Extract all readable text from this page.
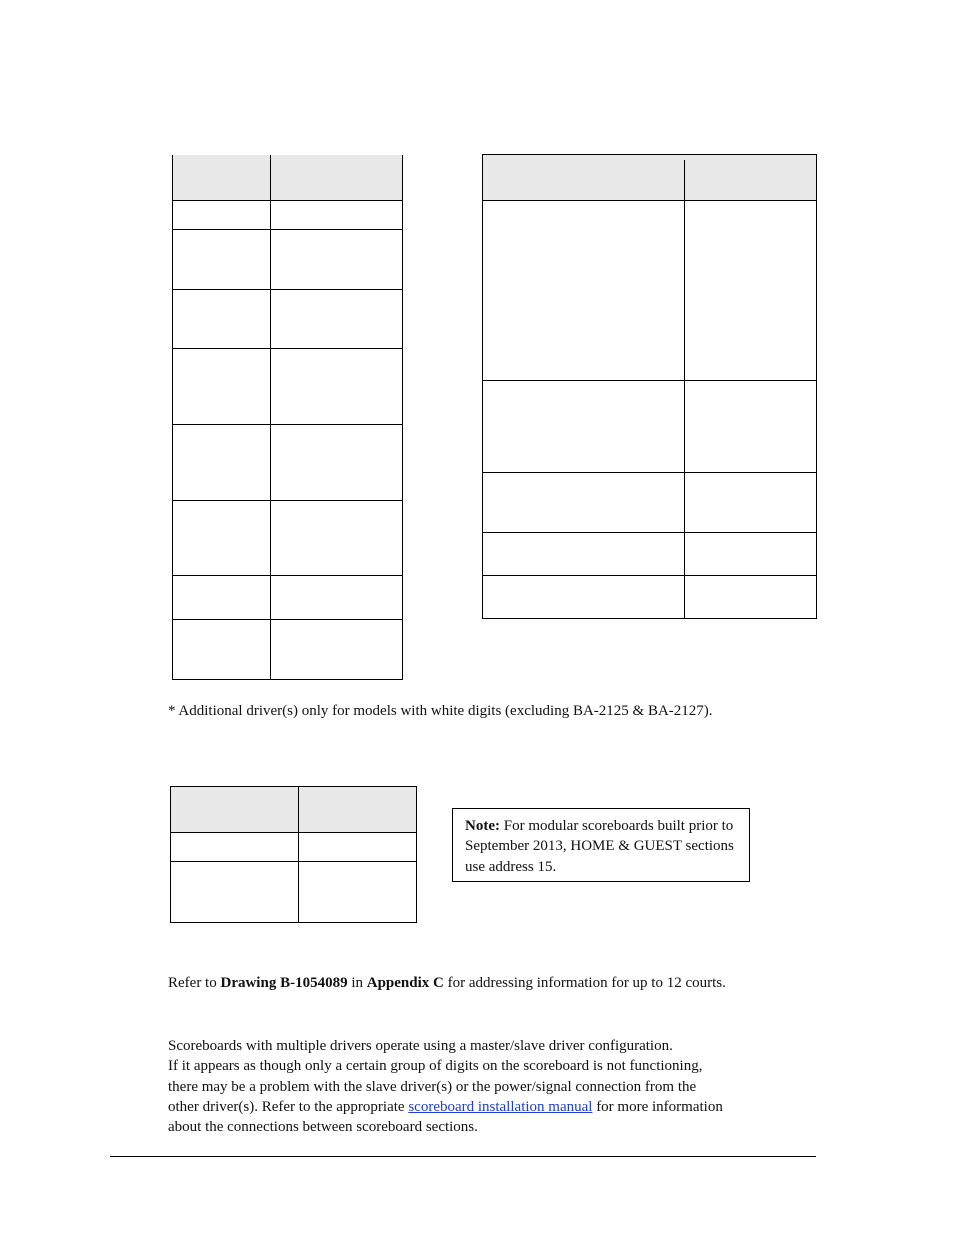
* Additional driver(s) only for models with white digits (excluding BA-2125 & BA-2127).
Note: For modular scoreboards built prior to September 2013, HOME & GUEST sections use address 15.
Refer to Drawing B-1054089 in Appendix C for addressing information for up to 12 courts.
Scoreboards with multiple drivers operate using a master/slave driver configuration.
If it appears as though only a certain group of digits on the scoreboard is not functioning,
there may be a problem with the slave driver(s) or the power/signal connection from the
other driver(s). Refer to the appropriate scoreboard installation manual for more information
about the connections between scoreboard sections.
